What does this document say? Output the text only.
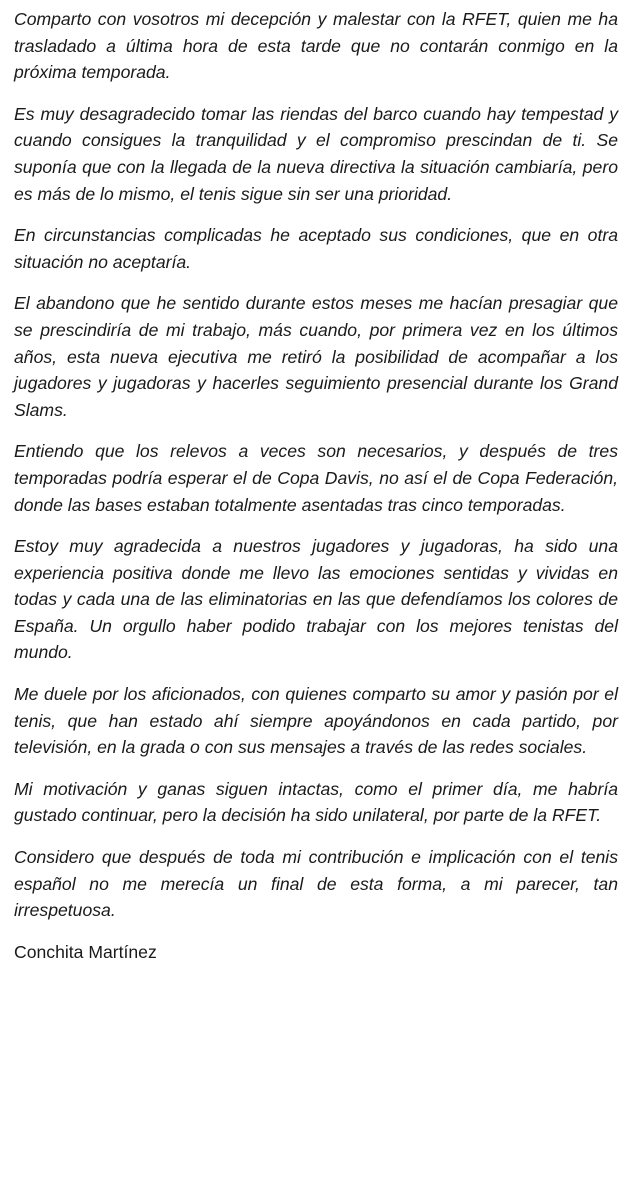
Comparto con vosotros mi decepción y malestar con la RFET, quien me ha trasladado a última hora de esta tarde que no contarán conmigo en la próxima temporada.

Es muy desagradecido tomar las riendas del barco cuando hay tempestad y cuando consigues la tranquilidad y el compromiso prescindan de ti. Se suponía que con la llegada de la nueva directiva la situación cambiaría, pero es más de lo mismo, el tenis sigue sin ser una prioridad.

En circunstancias complicadas he aceptado sus condiciones, que en otra situación no aceptaría.

El abandono que he sentido durante estos meses me hacían presagiar que se prescindiría de mi trabajo, más cuando, por primera vez en los últimos años, esta nueva ejecutiva me retiró la posibilidad de acompañar a los jugadores y jugadoras y hacerles seguimiento presencial durante los Grand Slams.

Entiendo que los relevos a veces son necesarios, y después de tres temporadas podría esperar el de Copa Davis, no así el de Copa Federación, donde las bases estaban totalmente asentadas tras cinco temporadas.

Estoy muy agradecida a nuestros jugadores y jugadoras, ha sido una experiencia positiva donde me llevo las emociones sentidas y vividas en todas y cada una de las eliminatorias en las que defendíamos los colores de España. Un orgullo haber podido trabajar con los mejores tenistas del mundo.

Me duele por los aficionados, con quienes comparto su amor y pasión por el tenis, que han estado ahí siempre apoyándonos en cada partido, por televisión, en la grada o con sus mensajes a través de las redes sociales.

Mi motivación y ganas siguen intactas, como el primer día, me habría gustado continuar, pero la decisión ha sido unilateral, por parte de la RFET.

Considero que después de toda mi contribución e implicación con el tenis español no me merecía un final de esta forma, a mi parecer, tan irrespetuosa.

Conchita Martínez
